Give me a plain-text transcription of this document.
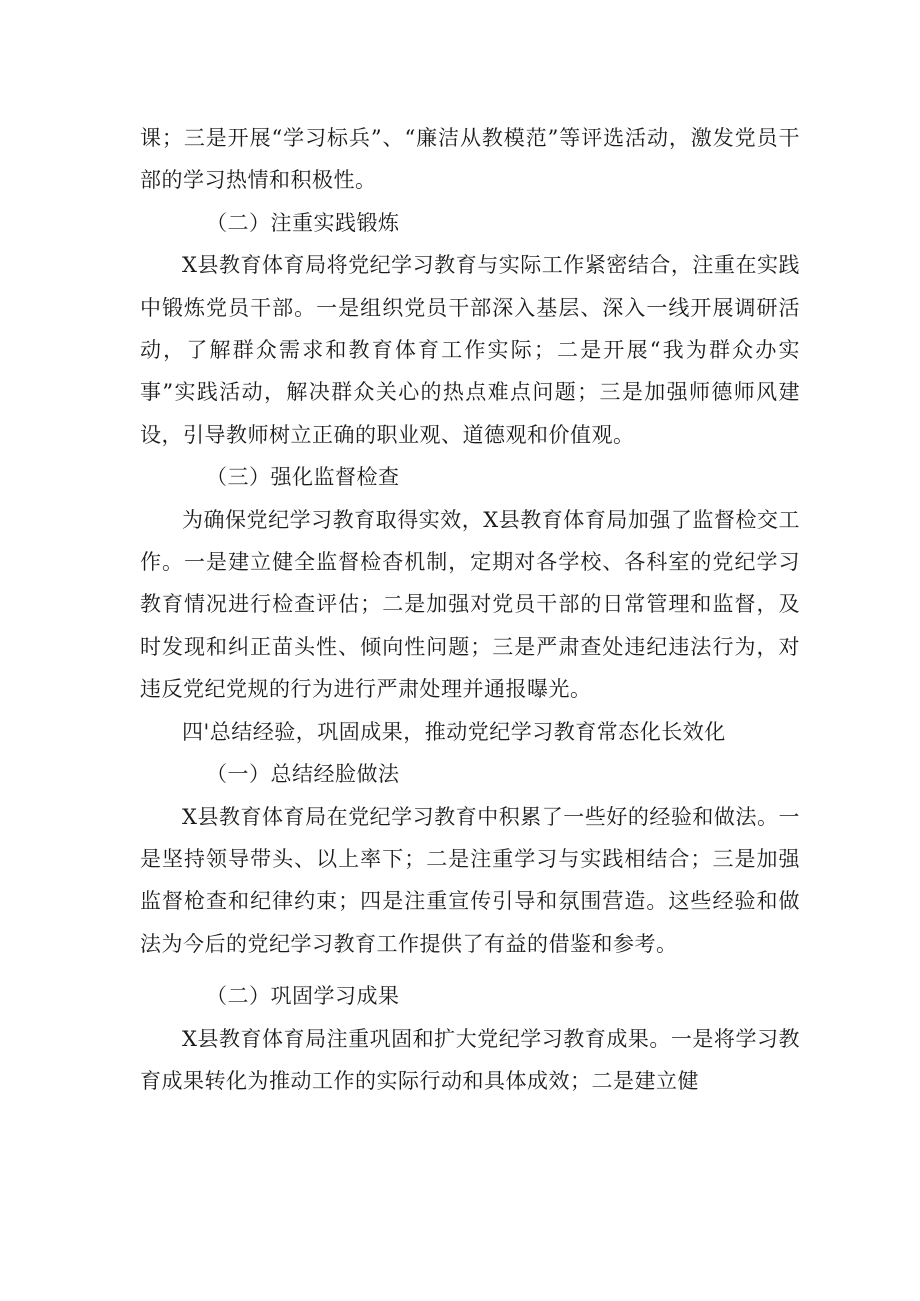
课；三是开展“学习标兵”、“廉洁从教模范”等评选活动，激发党员干部的学习热情和积极性。

（二）注重实践锻炼

X县教育体育局将党纪学习教育与实际工作紧密结合，注重在实践中锻炼党员干部。一是组织党员干部深入基层、深入一线开展调研活动，了解群众需求和教育体育工作实际；二是开展“我为群众办实事”实践活动，解决群众关心的热点难点问题；三是加强师德师风建设，引导教师树立正确的职业观、道德观和价值观。

（三）强化监督检查

为确保党纪学习教育取得实效，X县教育体育局加强了监督检交工作。一是建立健全监督检杳机制，定期对各学校、各科室的党纪学习教育情况进行检查评估；二是加强对党员干部的日常管理和监督，及时发现和纠正苗头性、倾向性问题；三是严肃查处违纪违法行为，对违反党纪党规的行为进行严肃处理并通报曝光。

四'总结经验，巩固成果，推动党纪学习教育常态化长效化

（一）总结经脸做法

X县教育体育局在党纪学习教育中积累了一些好的经验和做法。一是坚持领导带头、以上率下；二是注重学习与实践相结合；三是加强监督枪查和纪律约束；四是注重宣传引导和氛围营造。这些经验和做法为今后的党纪学习教育工作提供了有益的借鉴和参考。

（二）巩固学习成果

X县教育体育局注重巩固和扩大党纪学习教育成果。一是将学习教育成果转化为推动工作的实际行动和具体成效；二是建立健
